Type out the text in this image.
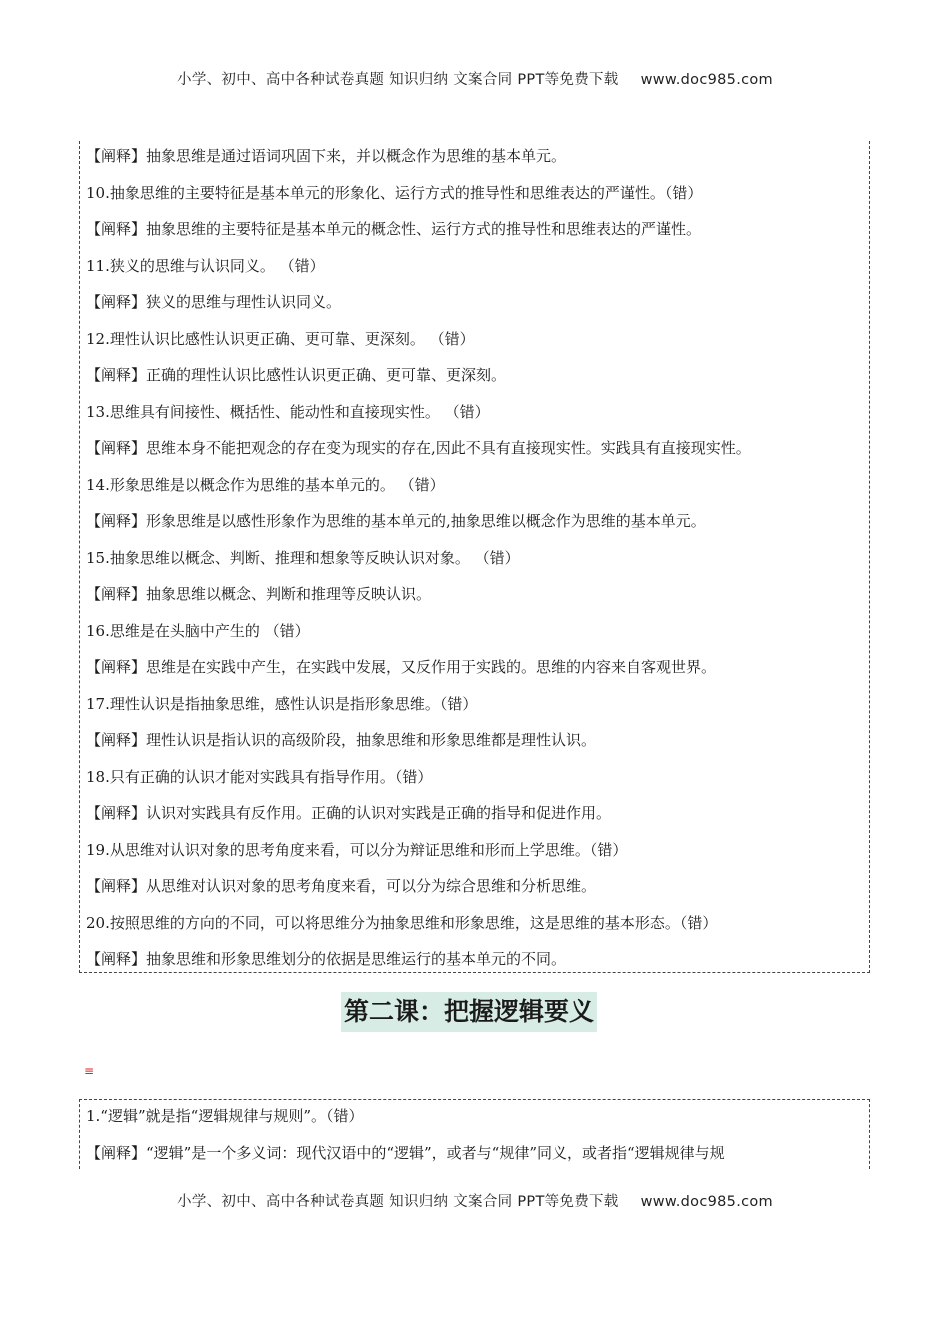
小学、初中、高中各种试卷真题 知识归纳 文案合同 PPT等免费下载 www.doc985.com
【阐释】抽象思维是通过语词巩固下来，并以概念作为思维的基本单元。
10.抽象思维的主要特征是基本单元的形象化、运行方式的推导性和思维表达的严谨性。（错）
【阐释】抽象思维的主要特征是基本单元的概念性、运行方式的推导性和思维表达的严谨性。
11.狭义的思维与认识同义。 （错）
【阐释】狭义的思维与理性认识同义。
12.理性认识比感性认识更正确、更可靠、更深刻。 （错）
【阐释】正确的理性认识比感性认识更正确、更可靠、更深刻。
13.思维具有间接性、概括性、能动性和直接现实性。 （错）
【阐释】思维本身不能把观念的存在变为现实的存在,因此不具有直接现实性。实践具有直接现实性。
14.形象思维是以概念作为思维的基本单元的。 （错）
【阐释】形象思维是以感性形象作为思维的基本单元的,抽象思维以概念作为思维的基本单元。
15.抽象思维以概念、判断、推理和想象等反映认识对象。 （错）
【阐释】抽象思维以概念、判断和推理等反映认识。
16.思维是在头脑中产生的 （错）
【阐释】思维是在实践中产生，在实践中发展，又反作用于实践的。思维的内容来自客观世界。
17.理性认识是指抽象思维，感性认识是指形象思维。（错）
【阐释】理性认识是指认识的高级阶段，抽象思维和形象思维都是理性认识。
18.只有正确的认识才能对实践具有指导作用。（错）
【阐释】认识对实践具有反作用。正确的认识对实践是正确的指导和促进作用。
19.从思维对认识对象的思考角度来看，可以分为辩证思维和形而上学思维。（错）
【阐释】从思维对认识对象的思考角度来看，可以分为综合思维和分析思维。
20.按照思维的方向的不同，可以将思维分为抽象思维和形象思维，这是思维的基本形态。（错）
【阐释】抽象思维和形象思维划分的依据是思维运行的基本单元的不同。
第二课：把握逻辑要义
≡
1.“逻辑”就是指“逻辑规律与规则”。（错）
【阐释】“逻辑”是一个多义词：现代汉语中的“逻辑”，或者与“规律”同义，或者指“逻辑规律与规
小学、初中、高中各种试卷真题 知识归纳 文案合同 PPT等免费下载 www.doc985.com
